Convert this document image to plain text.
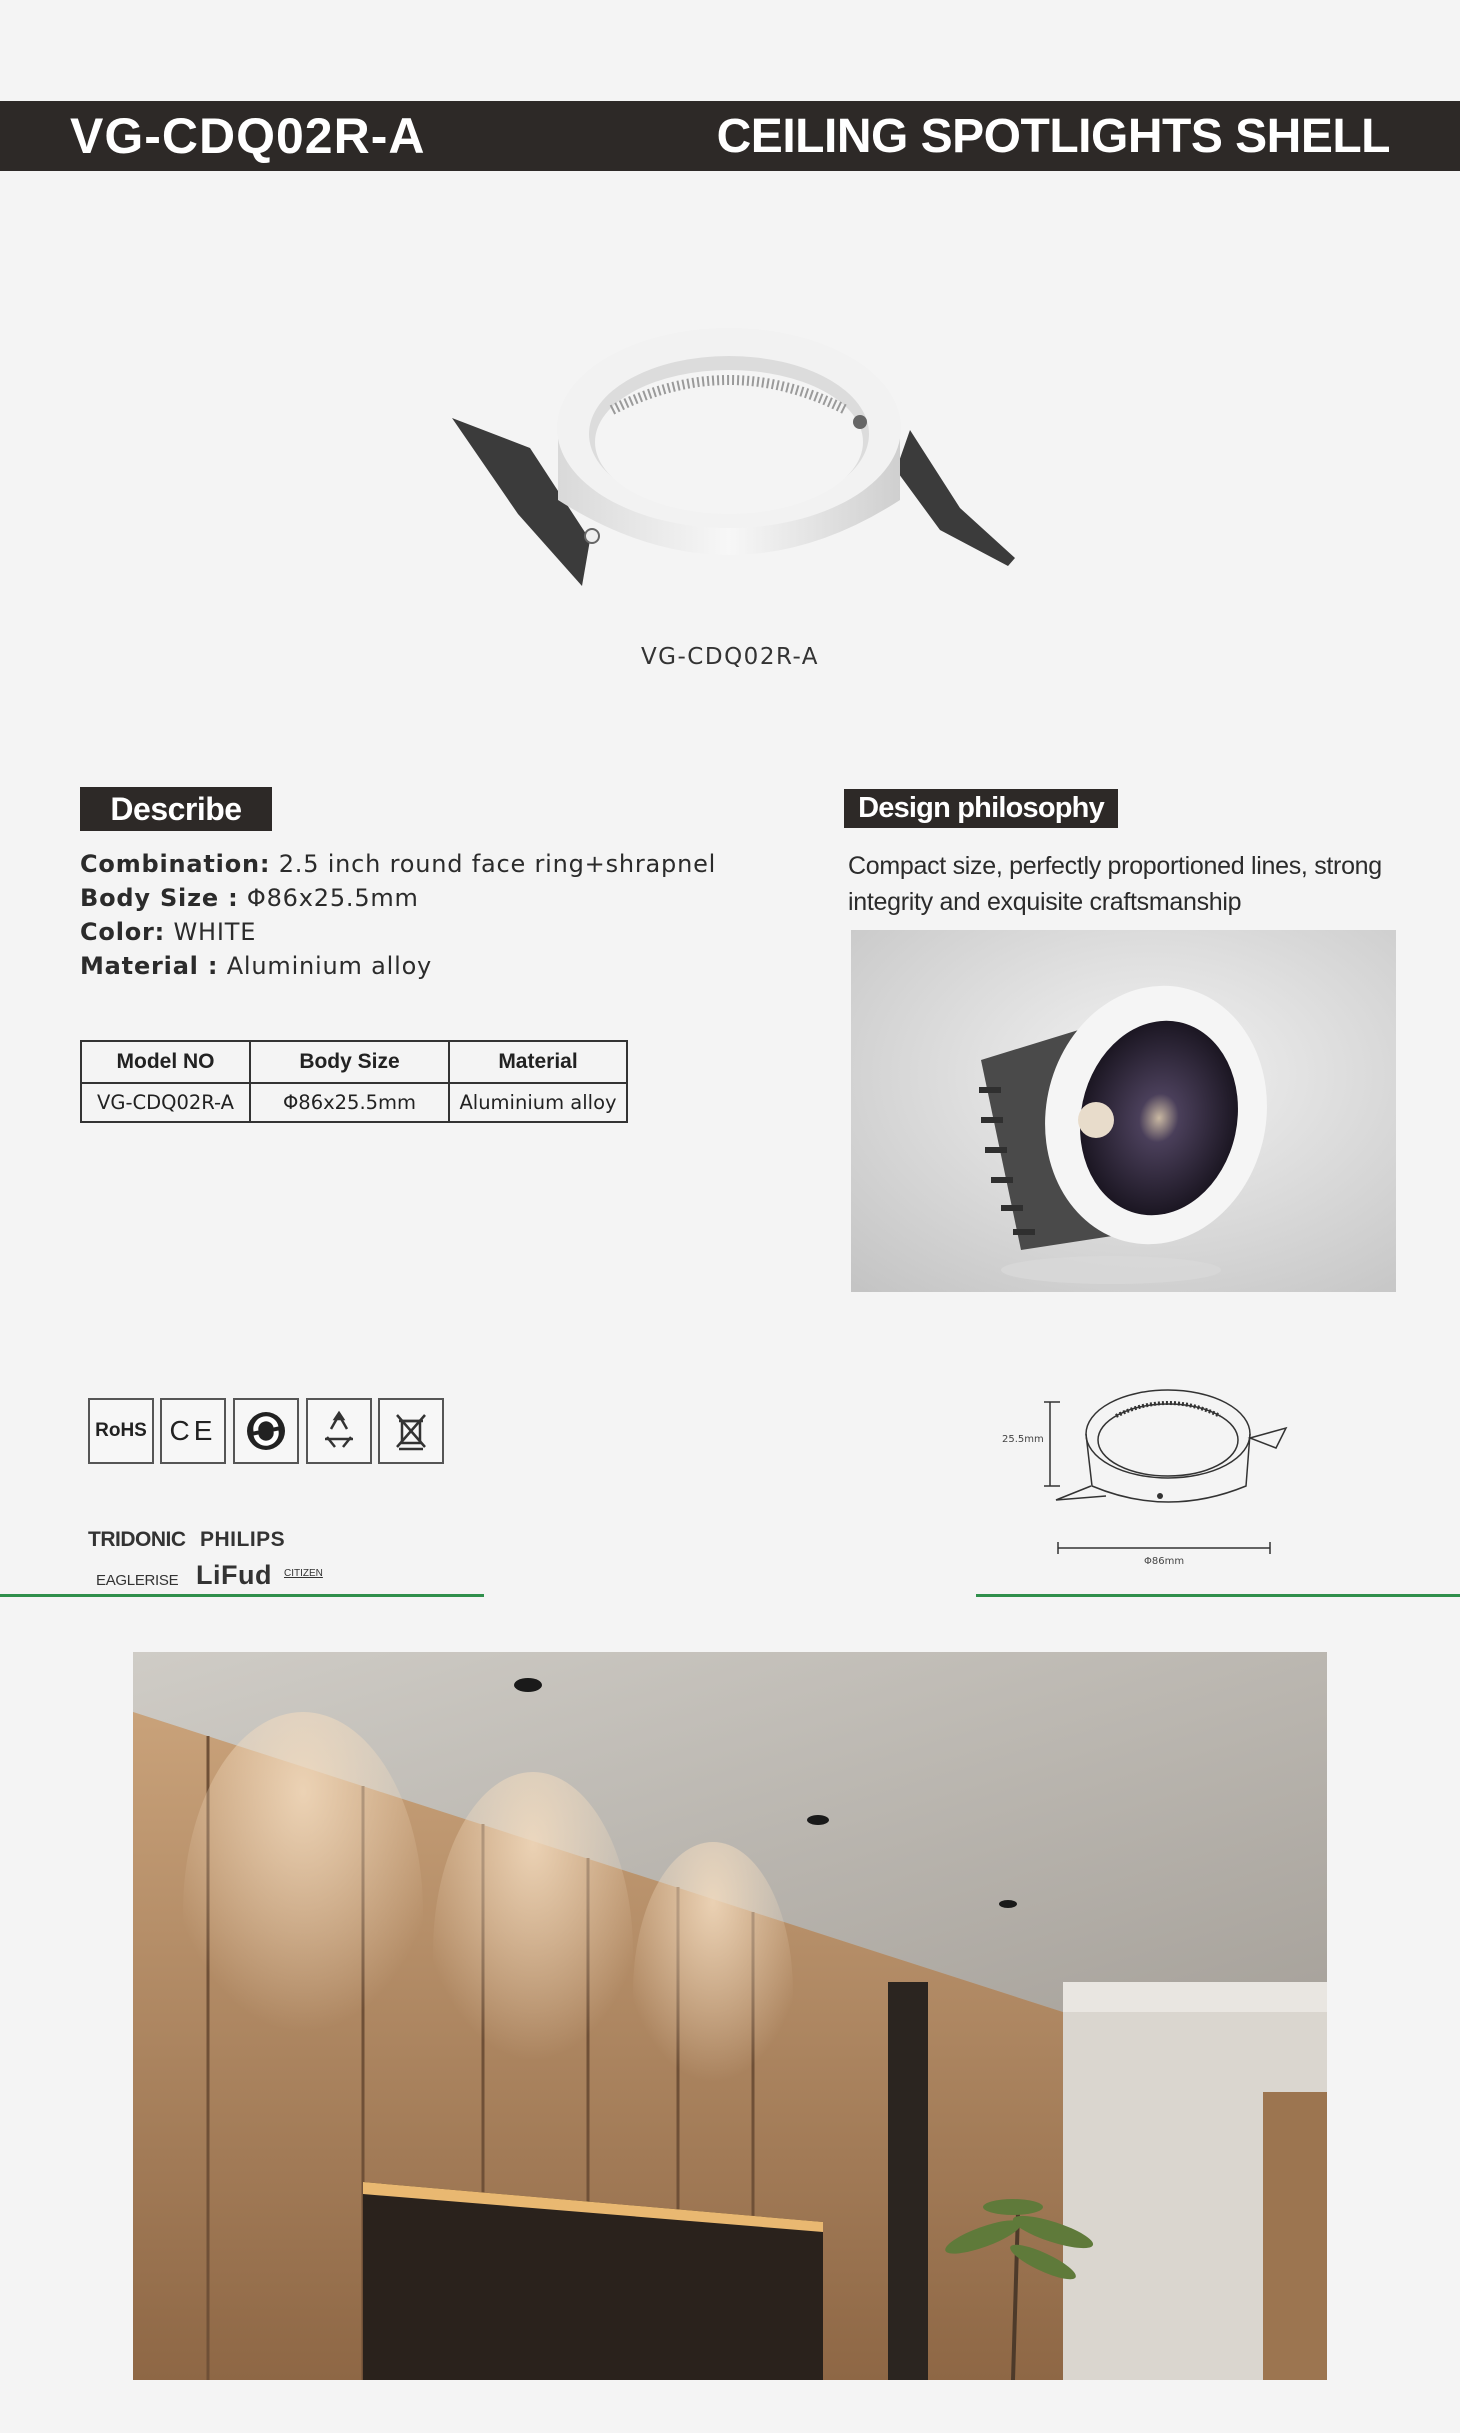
VG-CDQ02R-A	CEILING SPOTLIGHTS SHELL
VG-CDQ02R-A
Describe
Combination: 2.5 inch round face ring+shrapnel
Body Size : Φ86x25.5mm
Color: WHITE
Material : Aluminium alloy
Model NO	Body Size	Material
VG-CDQ02R-A	Φ86x25.5mm	Aluminium alloy
Design philosophy
Compact size, perfectly proportioned lines, strong
integrity and exquisite craftsmanship
RoHS CE
TRIDONIC PHILIPS
EAGLERISE LiFud CITIZEN
25.5mm
Φ86mm
